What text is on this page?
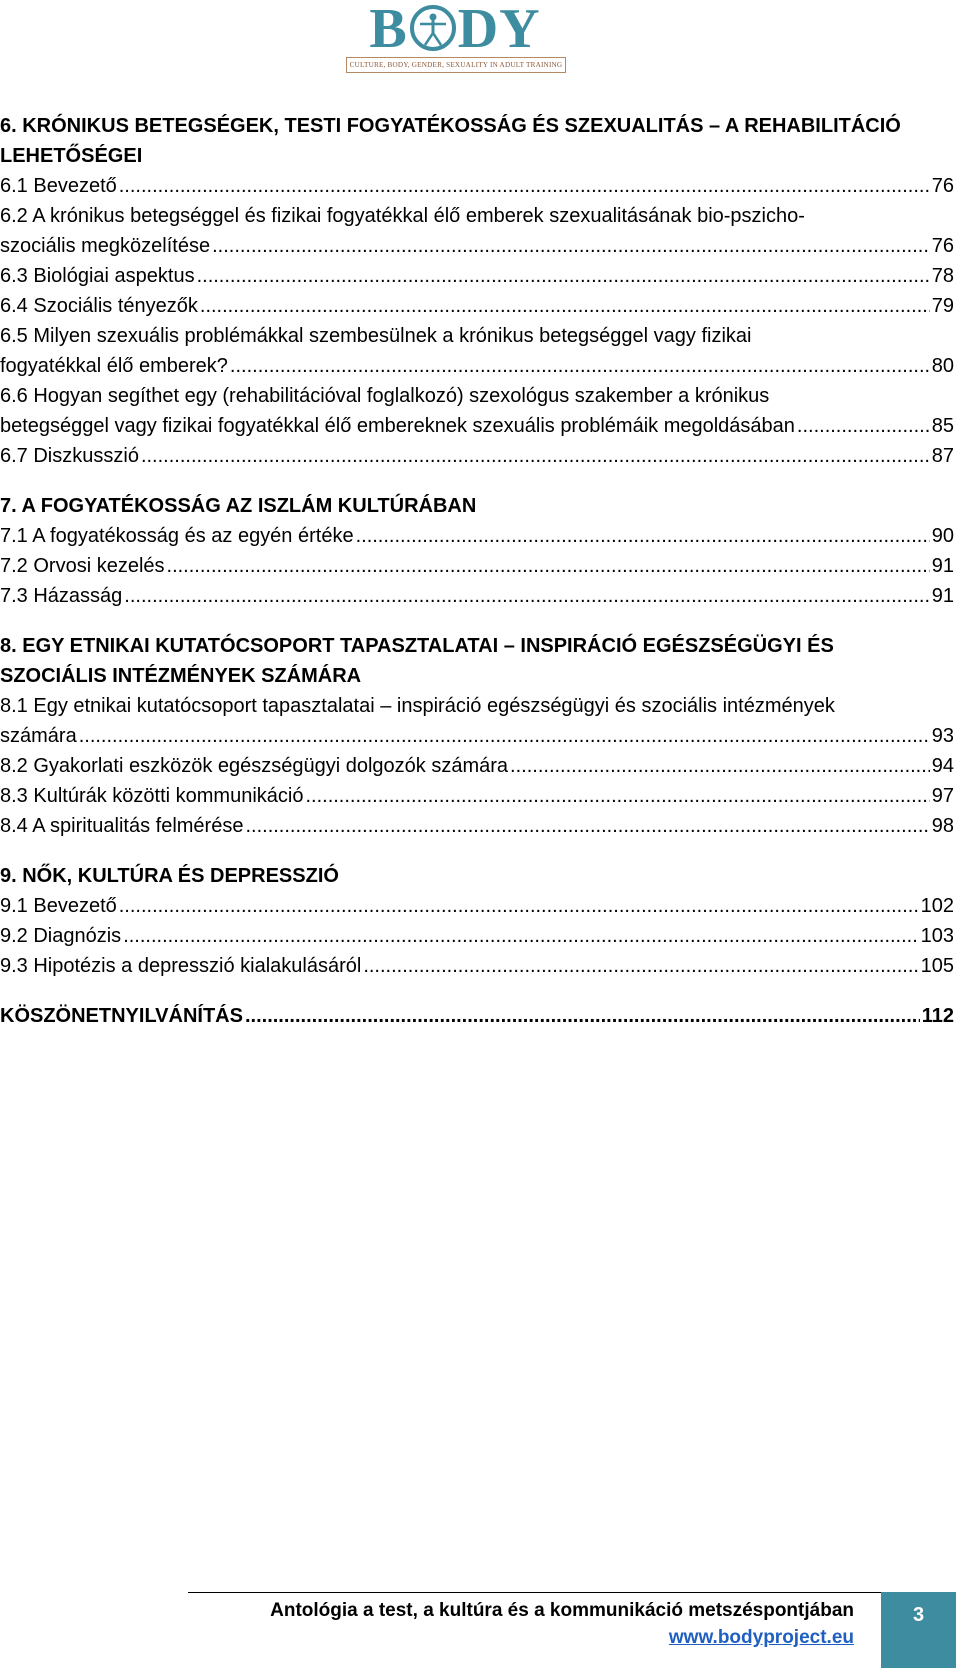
B DY
CULTURE, BODY, GENDER, SEXUALITY IN ADULT TRAINING
6. KRÓNIKUS BETEGSÉGEK, TESTI FOGYATÉKOSSÁG ÉS SZEXUALITÁS – A REHABILITÁCIÓ
LEHETŐSÉGEI
6.1 Bevezető .....	76
6.2 A krónikus betegséggel és fizikai fogyatékkal élő emberek szexualitásának bio-pszicho-
szociális megközelítése .....	76
6.3 Biológiai aspektus .....	78
6.4 Szociális tényezők .....	79
6.5 Milyen szexuális problémákkal szembesülnek a krónikus betegséggel vagy fizikai
fogyatékkal élő emberek? .....	80
6.6 Hogyan segíthet egy (rehabilitációval foglalkozó) szexológus szakember a krónikus
betegséggel vagy fizikai fogyatékkal élő embereknek szexuális problémáik megoldásában .....	85
6.7 Diszkusszió .....	87
7. A FOGYATÉKOSSÁG AZ ISZLÁM KULTÚRÁBAN
7.1 A fogyatékosság és az egyén értéke .....	90
7.2 Orvosi kezelés .....	91
7.3 Házasság .....	91
8. EGY ETNIKAI KUTATÓCSOPORT TAPASZTALATAI – INSPIRÁCIÓ EGÉSZSÉGÜGYI ÉS
SZOCIÁLIS INTÉZMÉNYEK SZÁMÁRA
8.1 Egy etnikai kutatócsoport tapasztalatai – inspiráció egészségügyi és szociális intézmények
számára .....	93
8.2 Gyakorlati eszközök egészségügyi dolgozók számára .....	94
8.3 Kultúrák közötti kommunikáció .....	97
8.4 A spiritualitás felmérése .....	98
9. NŐK, KULTÚRA ÉS DEPRESSZIÓ
9.1 Bevezető .....	102
9.2 Diagnózis .....	103
9.3 Hipotézis a depresszió kialakulásáról .....	105
KÖSZÖNETNYILVÁNÍTÁS .....	112
Antológia a test, a kultúra és a kommunikáció metszéspontjában
www.bodyproject.eu
3
